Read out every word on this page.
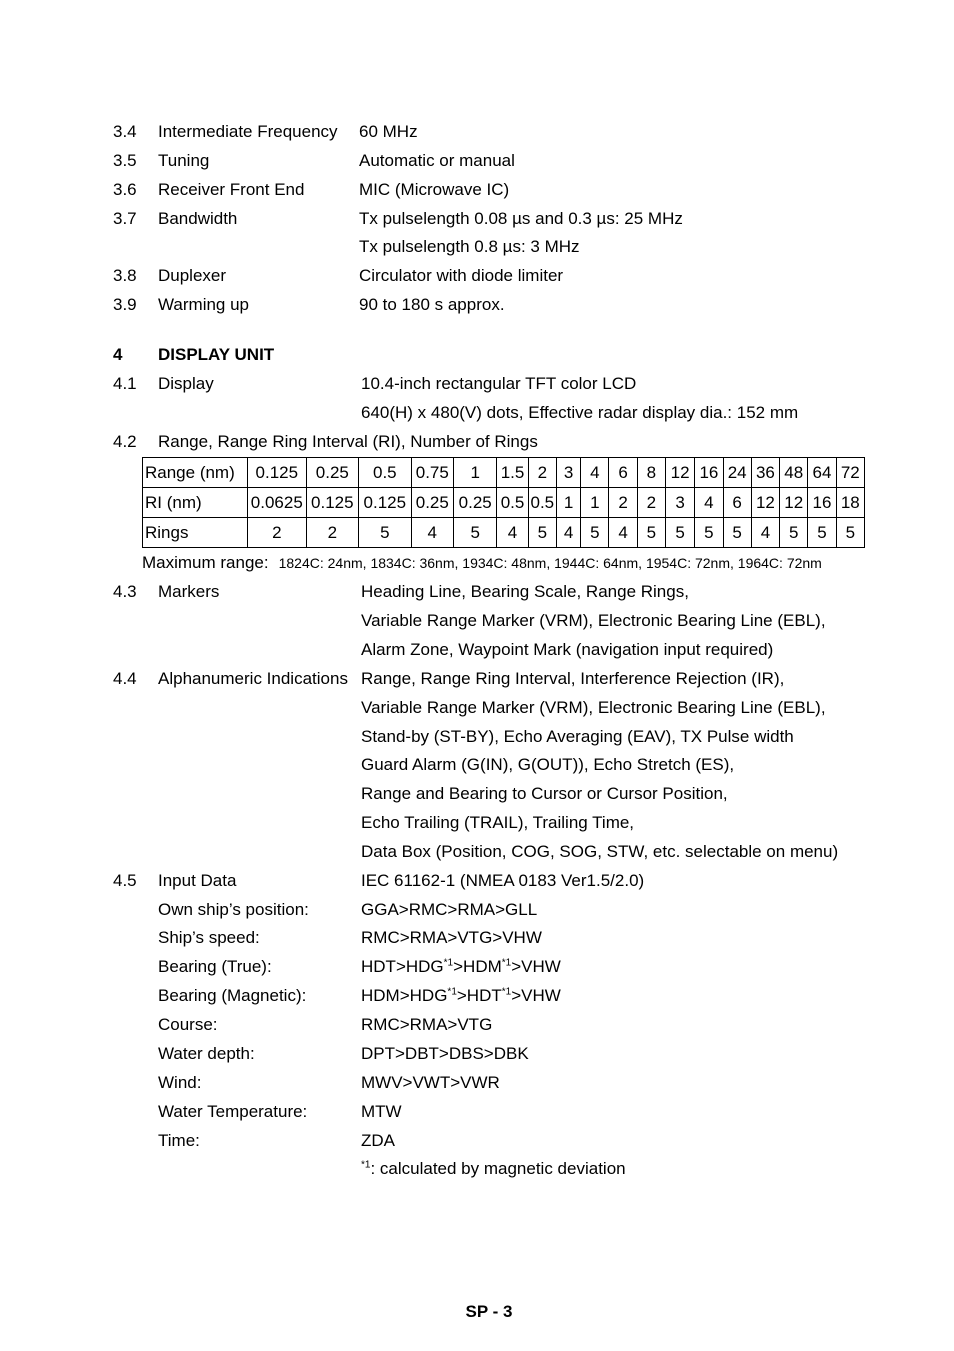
3.4 Intermediate Frequency 60 MHz
3.5 Tuning	Automatic or manual
3.6 Receiver Front End	MIC (Microwave IC)
3.7 Bandwidth	Tx pulselength 0.08 µs and 0.3 µs: 25 MHz
Tx pulselength 0.8 µs: 3 MHz
3.8 Duplexer	Circulator with diode limiter
3.9 Warming up	90 to 180 s approx.
4 DISPLAY UNIT
4.1 Display	10.4-inch rectangular TFT color LCD
640(H) x 480(V) dots, Effective radar display dia.: 152 mm
4.2 Range, Range Ring Interval (RI), Number of Rings
Range (nm)	0.125	0.25	0.5	0.75	1	1.5	2	3	4	6	8	12	16	24	36	48	64	72
RI (nm)	0.0625	0.125	0.125	0.25	0.25	0.5	0.5	1	1	2	2	3	4	6	12	12	16	18
Rings	2	2	5	4	5	4	5	4	5	4	5	5	5	5	4	5	5	5
Maximum range: 1824C: 24nm, 1834C: 36nm, 1934C: 48nm, 1944C: 64nm, 1954C: 72nm, 1964C: 72nm
4.3 Markers	Heading Line, Bearing Scale, Range Rings,
Variable Range Marker (VRM), Electronic Bearing Line (EBL),
Alarm Zone, Waypoint Mark (navigation input required)
4.4 Alphanumeric Indications Range, Range Ring Interval, Interference Rejection (IR),
Variable Range Marker (VRM), Electronic Bearing Line (EBL),
Stand-by (ST-BY), Echo Averaging (EAV), TX Pulse width
Guard Alarm (G(IN), G(OUT)), Echo Stretch (ES),
Range and Bearing to Cursor or Cursor Position,
Echo Trailing (TRAIL), Trailing Time,
Data Box (Position, COG, SOG, STW, etc. selectable on menu)
4.5 Input Data	IEC 61162-1 (NMEA 0183 Ver1.5/2.0)
Own ship’s position:	GGA>RMC>RMA>GLL
Ship’s speed:	RMC>RMA>VTG>VHW
Bearing (True):	$HDT>HDG^{*1}>HDM^{*1}>VHW$
Bearing (Magnetic):	$HDM>HDG^{*1}>HDT^{*1}>VHW$
Course:	RMC>RMA>VTG
Water depth:	DPT>DBT>DBS>DBK
Wind:	MWV>VWT>VWR
Water Temperature:	MTW
Time:	ZDA
$^{*1}$: calculated by magnetic deviation
SP - 3
